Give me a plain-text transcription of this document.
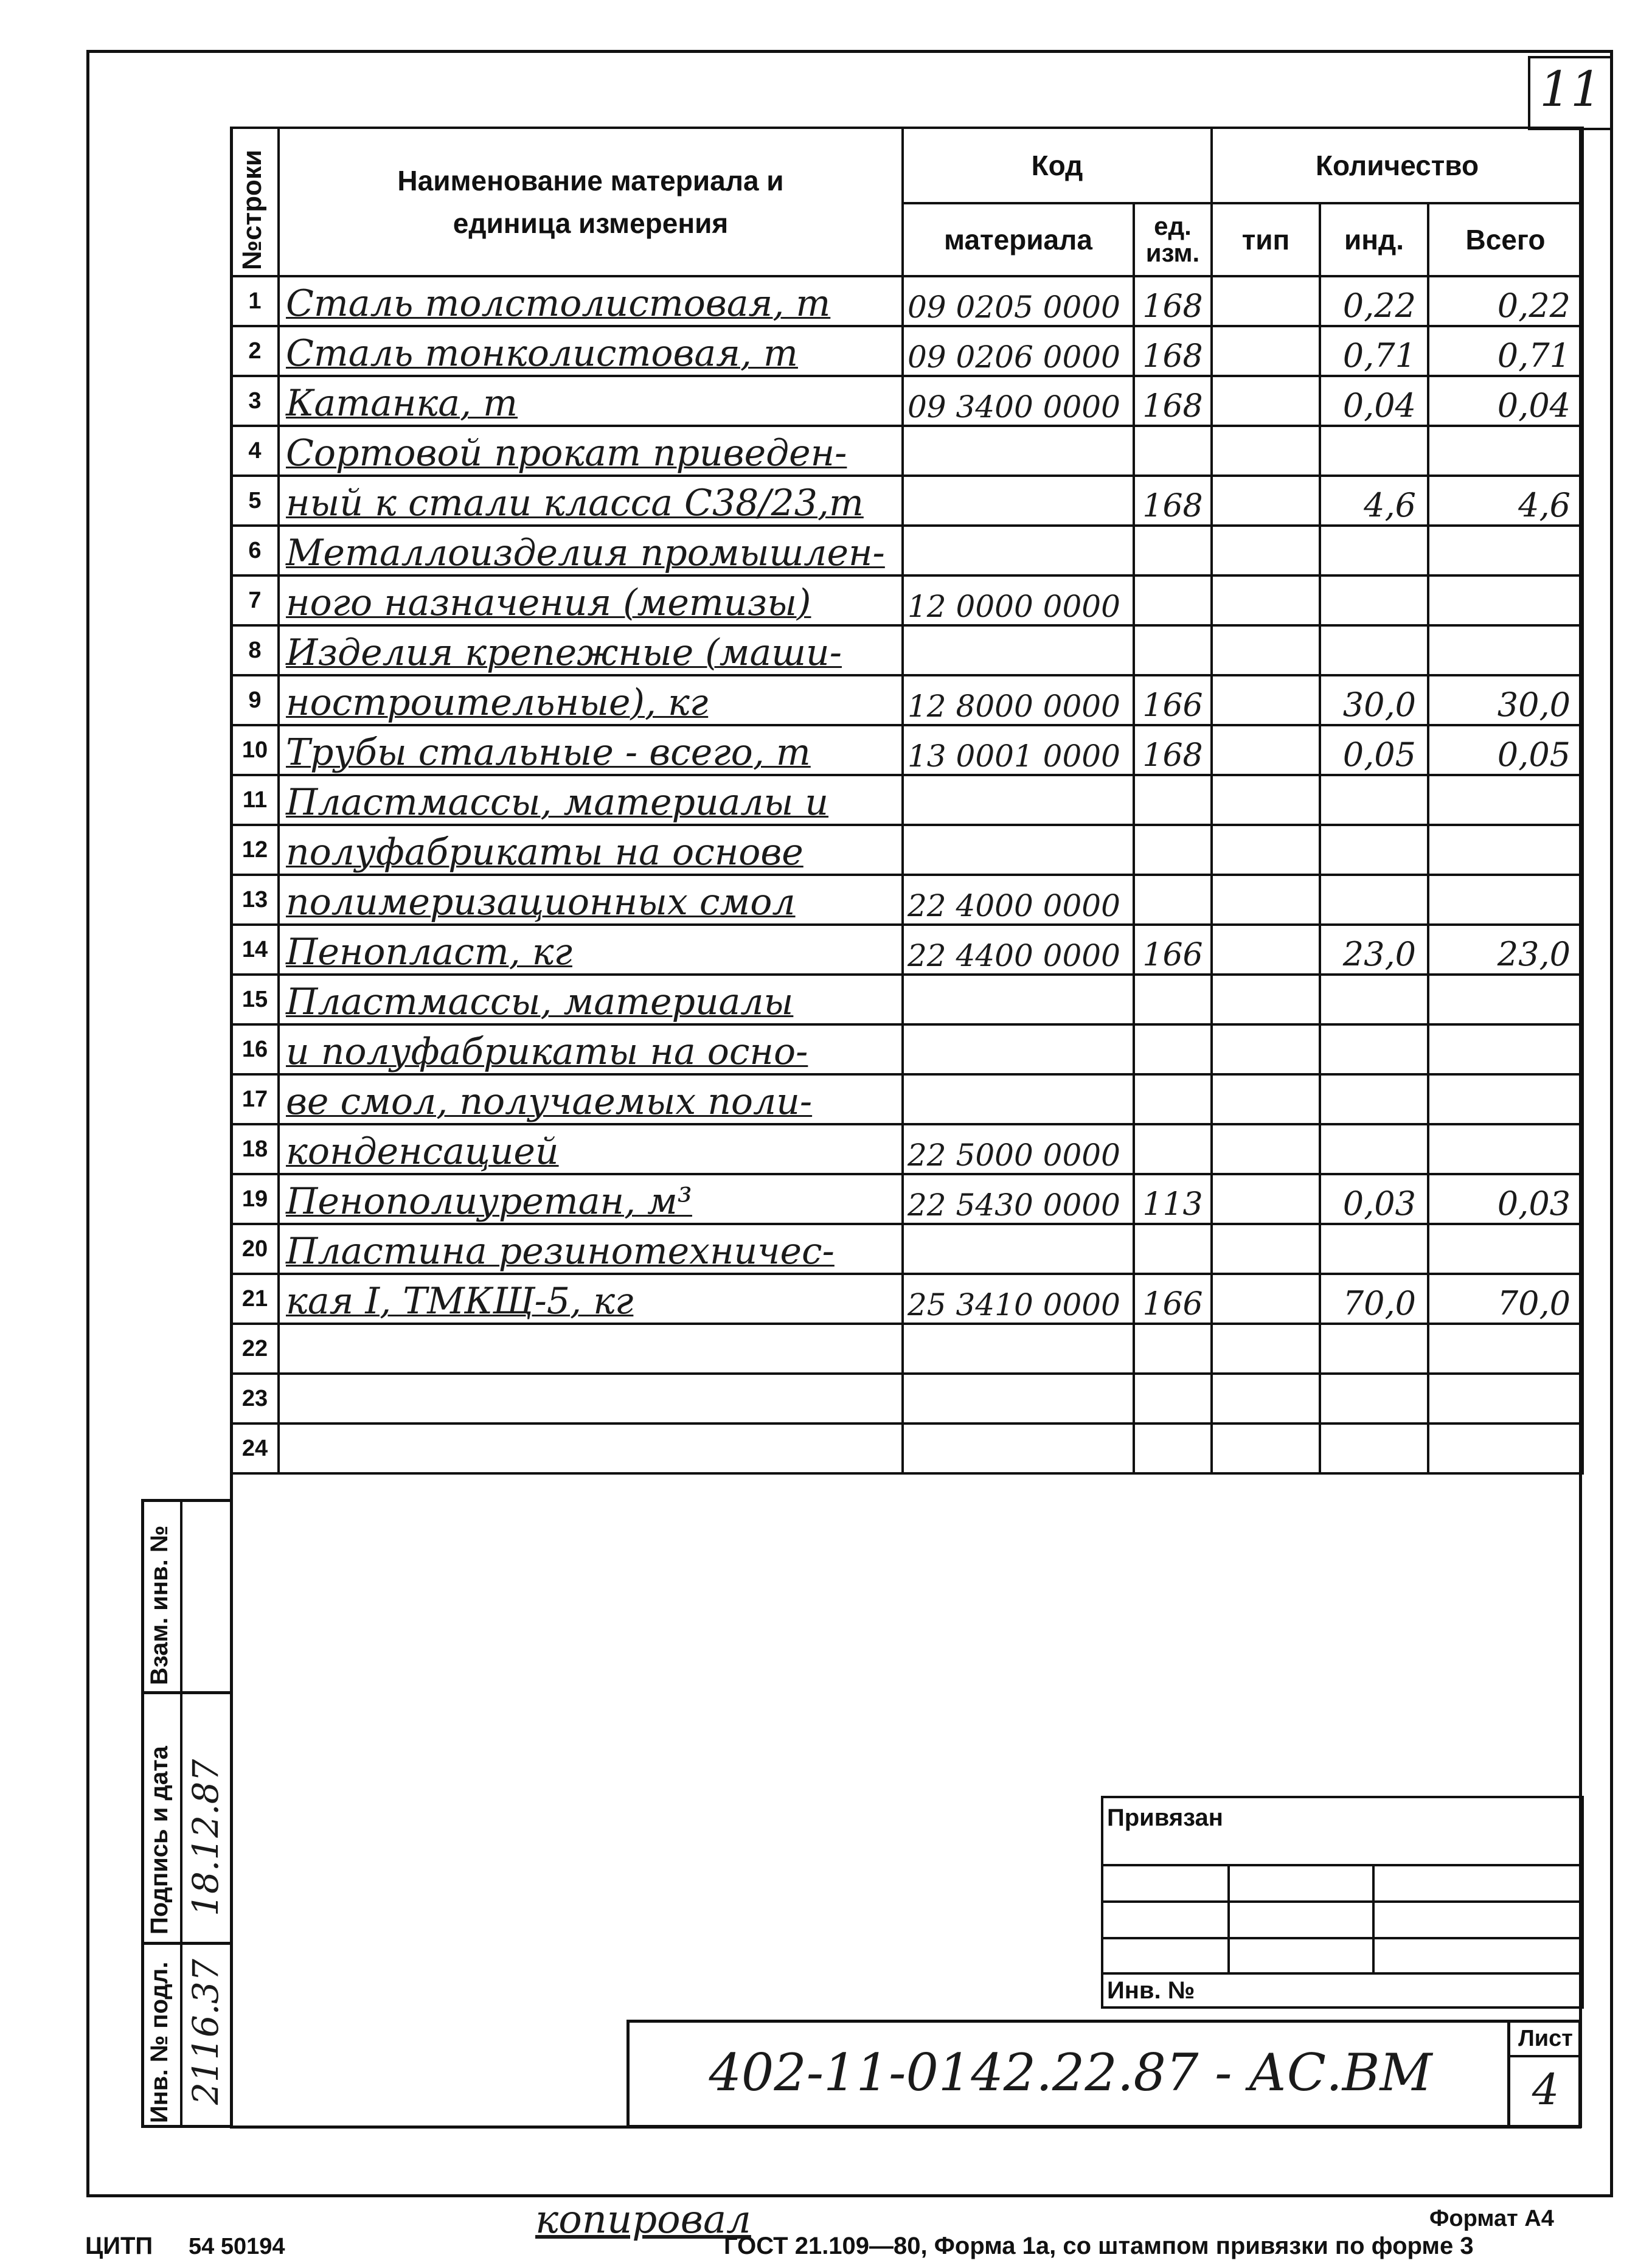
11
№строки	Наименование материала и единица измерения	Код		Количество		
		материала	ед. изм.	тип	инд.	Всего
1	Сталь толстолистовая, т	09 0205 0000	168		0,22	0,22
2	Сталь тонколистовая, т	09 0206 0000	168		0,71	0,71
3	Катанка, т	09 3400 0000	168		0,04	0,04
4	Сортовой прокат приведен-					
5	ный к стали класса С38/23,т		168		4,6	4,6
6	Металлоизделия промышлен-					
7	ного назначения (метизы)	12 0000 0000				
8	Изделия крепежные (маши-					
9	ностроительные), кг	12 8000 0000	166		30,0	30,0
10	Трубы стальные - всего, т	13 0001 0000	168		0,05	0,05
11	Пластмассы, материалы и					
12	полуфабрикаты на основе					
13	полимеризационных смол	22 4000 0000				
14	Пенопласт, кг	22 4400 0000	166		23,0	23,0
15	Пластмассы, материалы					
16	и полуфабрикаты на осно-					
17	ве смол, получаемых поли-					
18	конденсацией	22 5000 0000				
19	Пенополиуретан, м³	22 5430 0000	113		0,03	0,03
20	Пластина резинотехничес-					
21	кая I, ТМКЩ-5, кг	25 3410 0000	166		70,0	70,0
22						
23						
24						
Привязан		

Инв. №		
402-11-0142.22.87 - АС.ВМ
Лист
4
Взам. инв. №
Подпись и дата 18.12.87
Инв. № подл. 2116.37
копировал	Формат А4
ЦИТП 54 50194	ГОСТ 21.109—80, Форма 1а, со штампом привязки по форме 3
